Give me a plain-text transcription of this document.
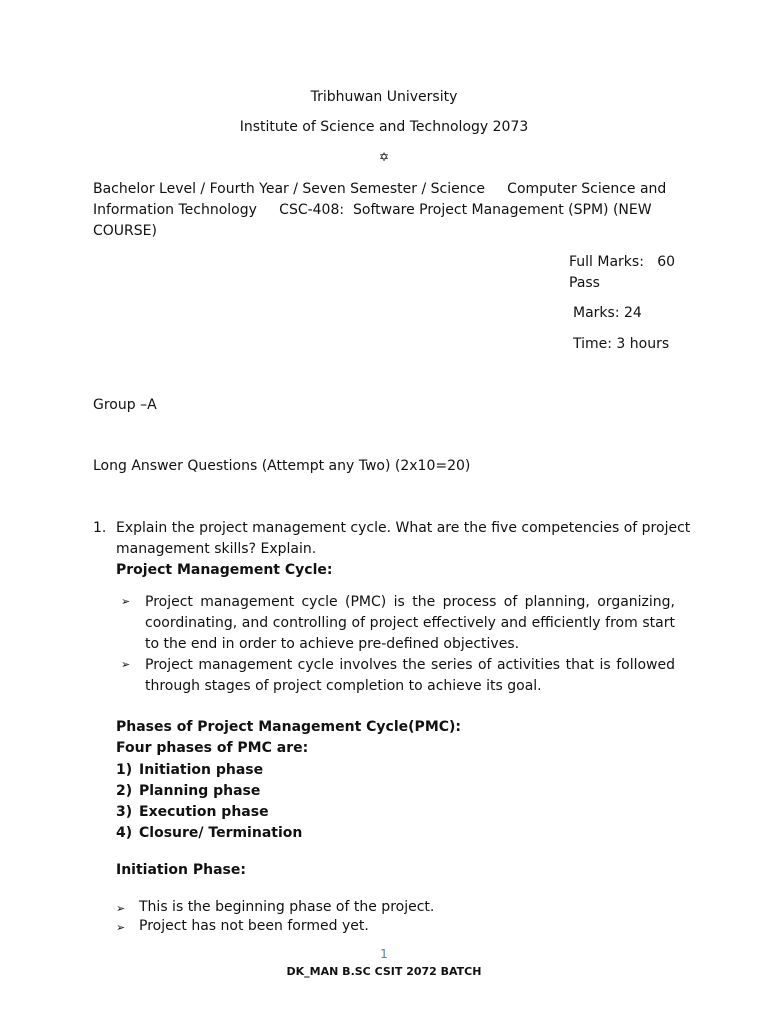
Tribhuwan University
Institute of Science and Technology 2073
✡
Bachelor Level / Fourth Year / Seven Semester / Science     Computer Science and
Information Technology     CSC-408:  Software Project Management (SPM) (NEW
COURSE)
Full Marks:   60
Pass
Marks: 24
Time: 3 hours
Group –A
Long Answer Questions (Attempt any Two) (2x10=20)
1. Explain the project management cycle. What are the five competencies of project
management skills? Explain.
Project Management Cycle:
➢ Project management cycle (PMC) is the process of planning, organizing, coordinating, and controlling of project effectively and efficiently from start to the end in order to achieve pre-defined objectives.
➢ Project management cycle involves the series of activities that is followed through stages of project completion to achieve its goal.
Phases of Project Management Cycle(PMC):
Four phases of PMC are:
1) Initiation phase
2) Planning phase
3) Execution phase
4) Closure/ Termination
Initiation Phase:
➢ This is the beginning phase of the project.
➢ Project has not been formed yet.
1
DK_MAN B.SC CSIT 2072 BATCH
